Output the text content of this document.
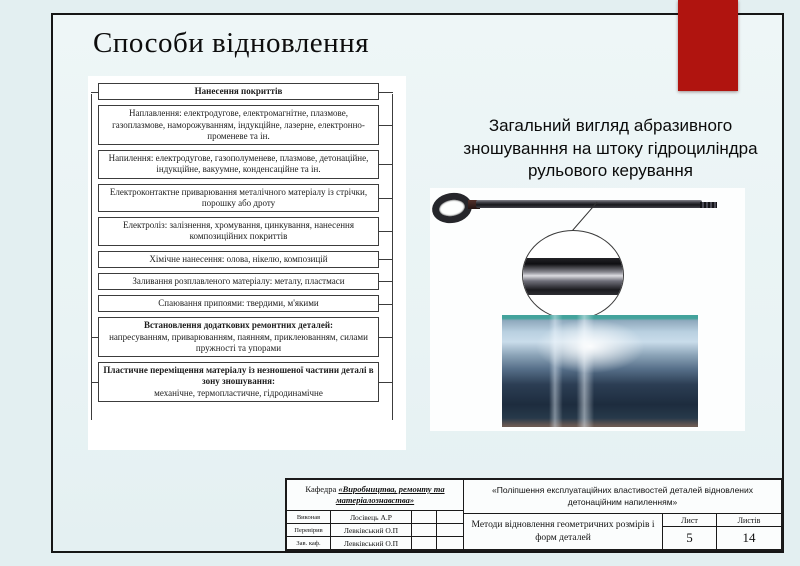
Способи відновлення
Нанесення покриттів
Наплавлення: електродугове, електромагнітне, плазмове, газоплазмове, наморожуванням, індукційне, лазерне, електронно-променеве та ін.
Напилення: електродугове, газополуменеве, плазмове, детонаційне, індукційне, вакуумне, конденсаційне та ін.
Електроконтактне приварювання металічного матеріалу із стрічки, порошку або дроту
Електроліз: залізнення, хромування, цинкування, нанесення композиційних покриттів
Хімічне нанесення: олова, нікелю, композицій
Заливання розплавленого матеріалу: металу, пластмаси
Спаювання припоями: твердими, м'якими
Встановлення додаткових ремонтних деталей:
напресуванням, приварюванням, паянням, приклеюванням, силами пружності та упорами
Пластичне переміщення матеріалу із незношеної частини деталі в зону зношування:
механічне, термопластичне, гідродинамічне
Загальний вигляд абразивного зношуванння на штоку гідроциліндра рульового керування
Кафедра «Виробництва, ремонту та матеріалознавства»
Виконав	Лосівець А.Р
Перевірив	Левківський О.П
Зав. каф.	Левківський О.П
«Поліпшення експлуатаційних властивостей деталей відновлених детонаційним напиленням»
Методи відновлення геометричних розмірів і форм деталей
Лист
5
Листів
14
